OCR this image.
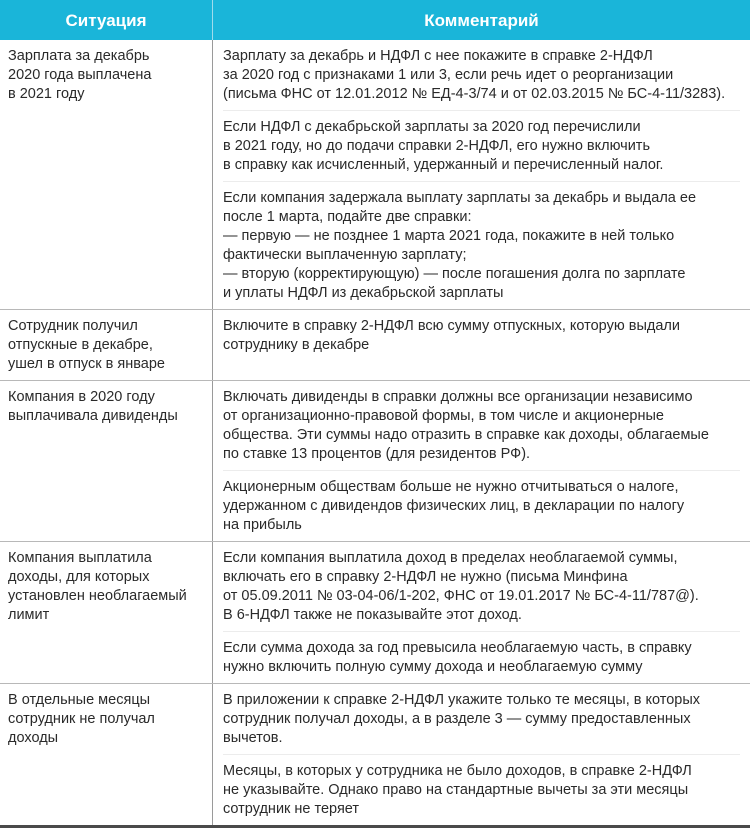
Ситуация	Комментарий
Зарплата за декабрь
2020 года выплачена
в 2021 году
Зарплату за декабрь и НДФЛ с нее покажите в справке 2-НДФЛ
за 2020 год с признаками 1 или 3, если речь идет о реорганизации
(письма ФНС от 12.01.2012 № ЕД-4-3/74 и от 02.03.2015 № БС-4-11/3283).
Если НДФЛ с декабрьской зарплаты за 2020 год перечислили
в 2021 году, но до подачи справки 2-НДФЛ, его нужно включить
в справку как исчисленный, удержанный и перечисленный налог.
Если компания задержала выплату зарплаты за декабрь и выдала ее
после 1 марта, подайте две справки:
— первую — не позднее 1 марта 2021 года, покажите в ней только
фактически выплаченную зарплату;
— вторую (корректирующую) — после погашения долга по зарплате
и уплаты НДФЛ из декабрьской зарплаты
Сотрудник получил
отпускные в декабре,
ушел в отпуск в январе
Включите в справку 2-НДФЛ всю сумму отпускных, которую выдали
сотруднику в декабре
Компания в 2020 году
выплачивала дивиденды
Включать дивиденды в справки должны все организации независимо
от организационно-правовой формы, в том числе и акционерные
общества. Эти суммы надо отразить в справке как доходы, облагаемые
по ставке 13 процентов (для резидентов РФ).
Акционерным обществам больше не нужно отчитываться о налоге,
удержанном с дивидендов физических лиц, в декларации по налогу
на прибыль
Компания выплатила
доходы, для которых
установлен необлагаемый
лимит
Если компания выплатила доход в пределах необлагаемой суммы,
включать его в справку 2-НДФЛ не нужно (письма Минфина
от 05.09.2011 № 03-04-06/1-202, ФНС от 19.01.2017 № БС-4-11/787@).
В 6-НДФЛ также не показывайте этот доход.
Если сумма дохода за год превысила необлагаемую часть, в справку
нужно включить полную сумму дохода и необлагаемую сумму
В отдельные месяцы
сотрудник не получал
доходы
В приложении к справке 2-НДФЛ укажите только те месяцы, в которых
сотрудник получал доходы, а в разделе 3 — сумму предоставленных
вычетов.
Месяцы, в которых у сотрудника не было доходов, в справке 2-НДФЛ
не указывайте. Однако право на стандартные вычеты за эти месяцы
сотрудник не теряет
